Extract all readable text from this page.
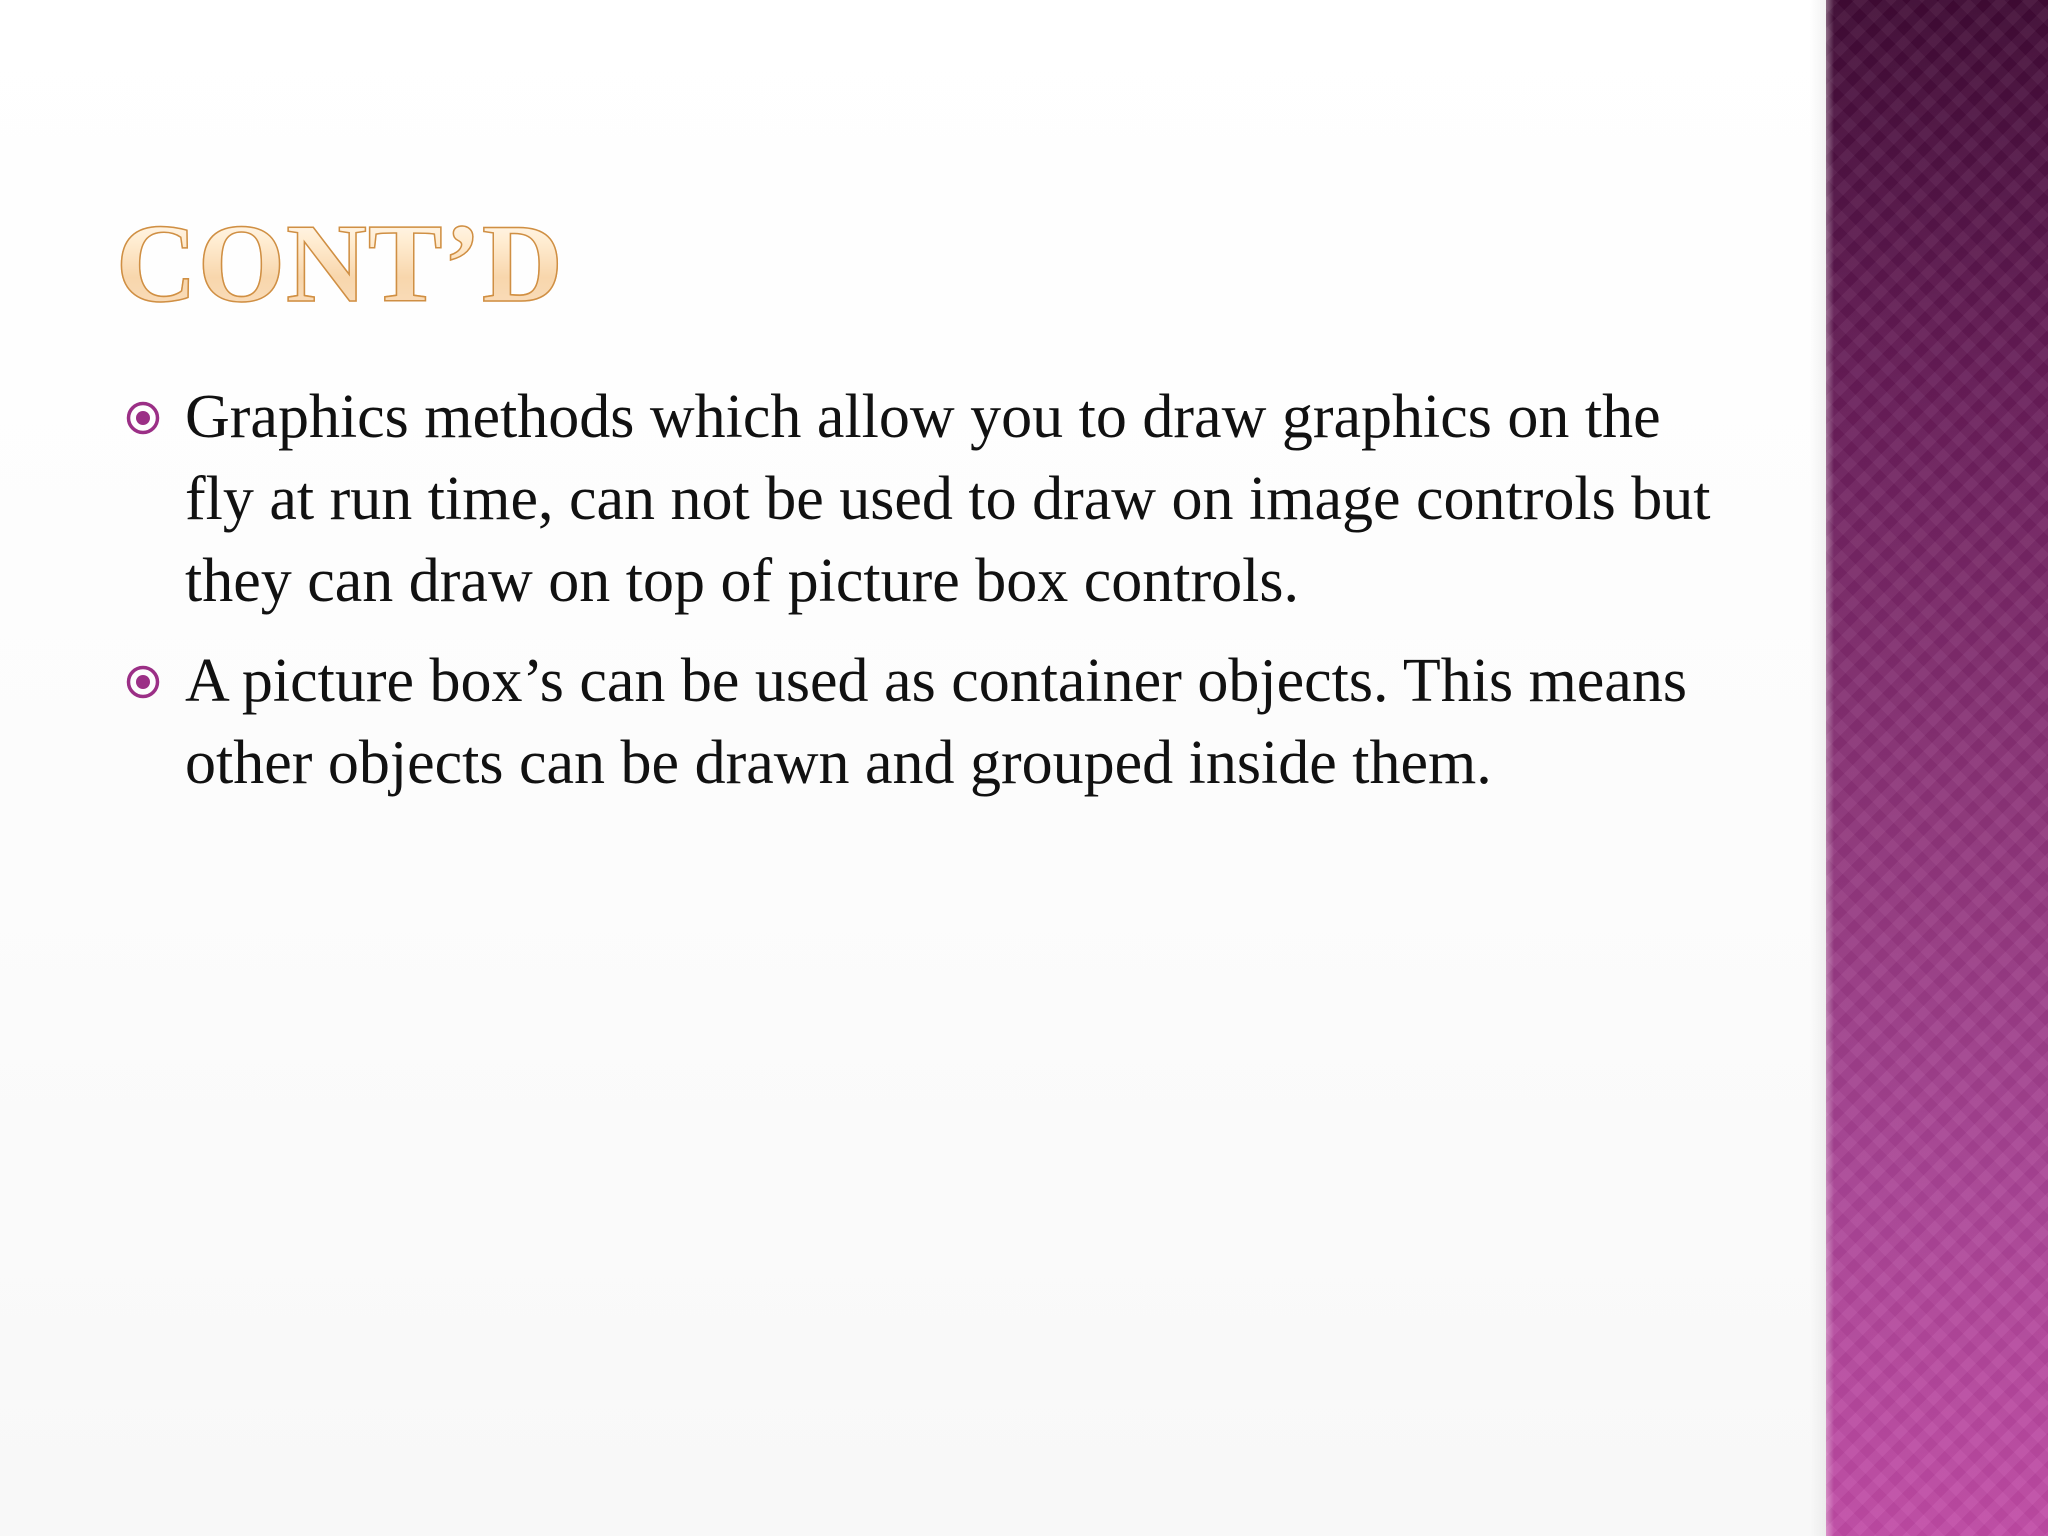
CONT’D
Graphics methods which allow you to draw graphics on the fly at run time, can not be used to draw on image controls but they can draw on top of picture box controls.
A picture box’s can be used as container objects. This means other objects can be drawn and grouped inside them.
